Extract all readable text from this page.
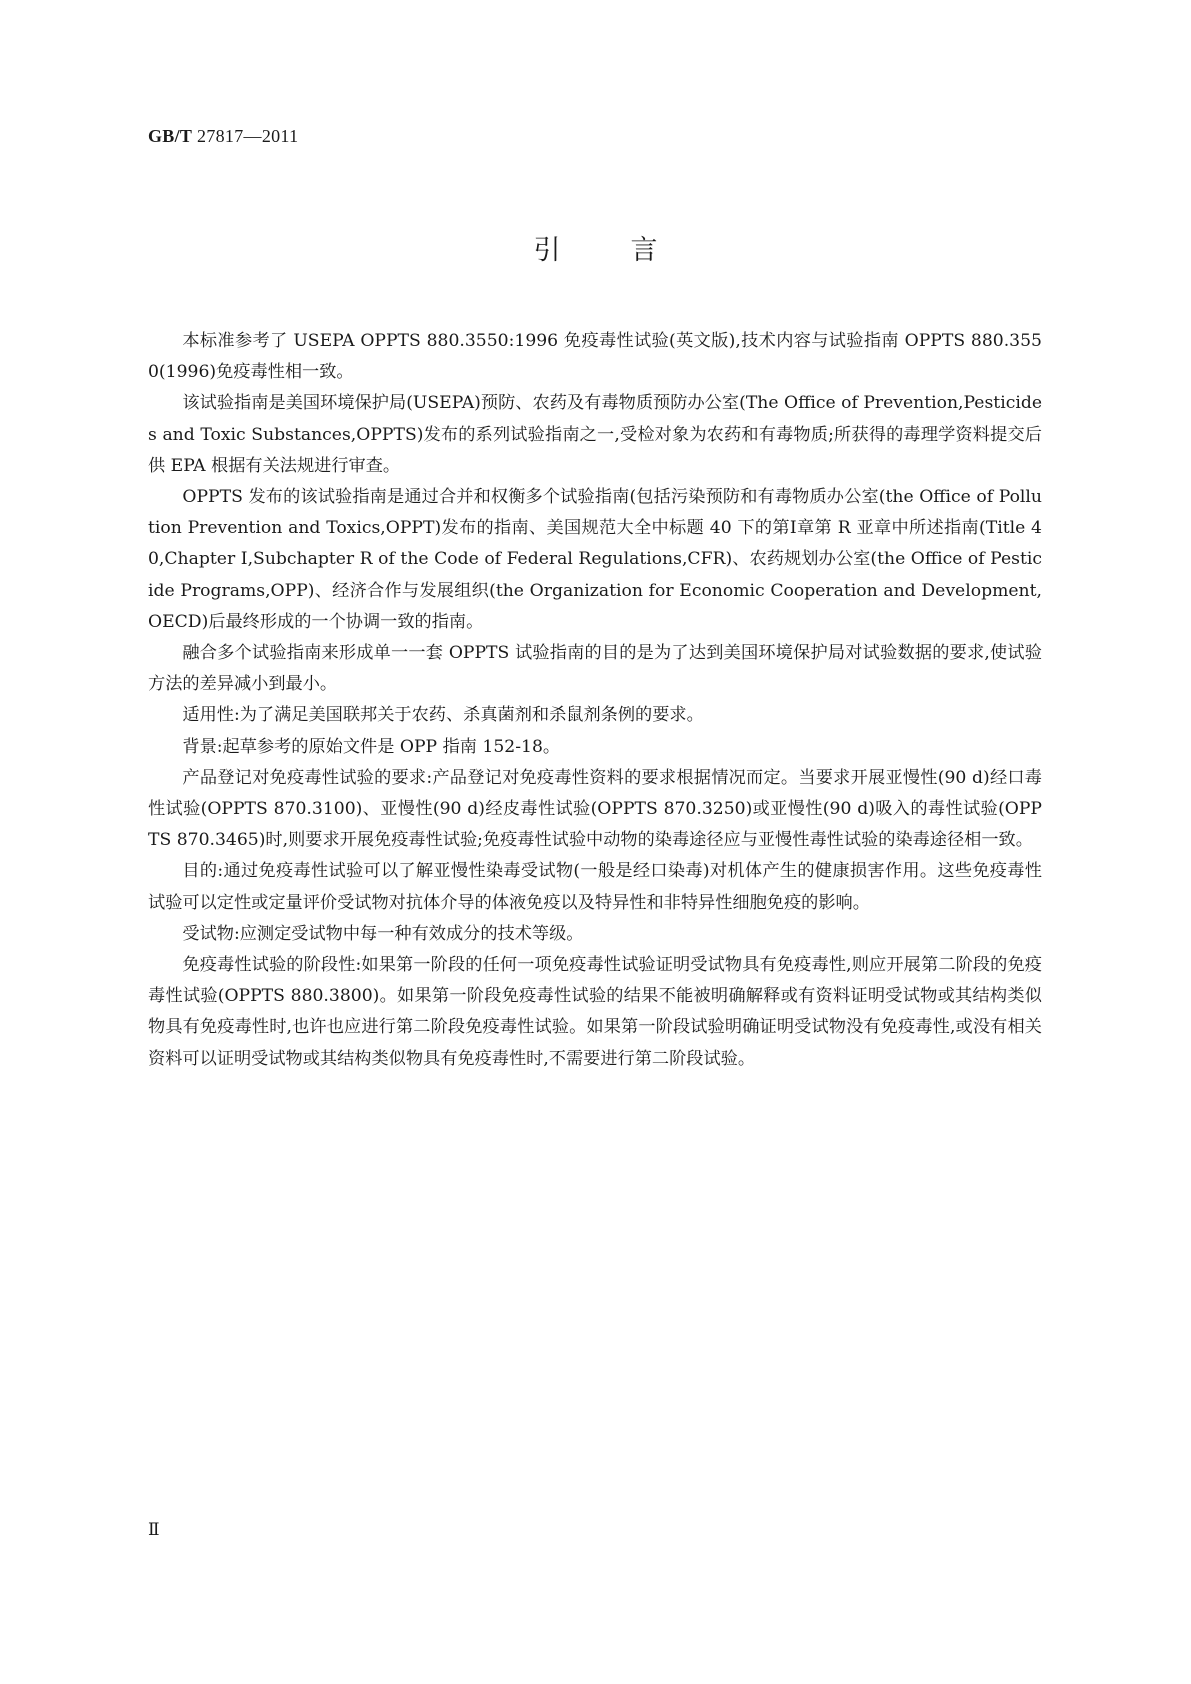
GB/T 27817—2011
引	言

本标准参考了 USEPA OPPTS 880.3550:1996 免疫毒性试验(英文版),技术内容与试验指南 OPPTS 880.3550(1996)免疫毒性相一致。

该试验指南是美国环境保护局(USEPA)预防、农药及有毒物质预防办公室(The Office of Prevention,Pesticides and Toxic Substances,OPPTS)发布的系列试验指南之一,受检对象为农药和有毒物质;所获得的毒理学资料提交后供 EPA 根据有关法规进行审查。

OPPTS 发布的该试验指南是通过合并和权衡多个试验指南(包括污染预防和有毒物质办公室(the Office of Pollution Prevention and Toxics,OPPT)发布的指南、美国规范大全中标题 40 下的第Ⅰ章第 R 亚章中所述指南(Title 40,Chapter Ⅰ,Subchapter R of the Code of Federal Regulations,CFR)、农药规划办公室(the Office of Pesticide Programs,OPP)、经济合作与发展组织(the Organization for Economic Cooperation and Development,OECD)后最终形成的一个协调一致的指南。

融合多个试验指南来形成单一一套 OPPTS 试验指南的目的是为了达到美国环境保护局对试验数据的要求,使试验方法的差异减小到最小。

适用性:为了满足美国联邦关于农药、杀真菌剂和杀鼠剂条例的要求。

背景:起草参考的原始文件是 OPP 指南 152-18。

产品登记对免疫毒性试验的要求:产品登记对免疫毒性资料的要求根据情况而定。当要求开展亚慢性(90 d)经口毒性试验(OPPTS 870.3100)、亚慢性(90 d)经皮毒性试验(OPPTS 870.3250)或亚慢性(90 d)吸入的毒性试验(OPPTS 870.3465)时,则要求开展免疫毒性试验;免疫毒性试验中动物的染毒途径应与亚慢性毒性试验的染毒途径相一致。

目的:通过免疫毒性试验可以了解亚慢性染毒受试物(一般是经口染毒)对机体产生的健康损害作用。这些免疫毒性试验可以定性或定量评价受试物对抗体介导的体液免疫以及特异性和非特异性细胞免疫的影响。

受试物:应测定受试物中每一种有效成分的技术等级。

免疫毒性试验的阶段性:如果第一阶段的任何一项免疫毒性试验证明受试物具有免疫毒性,则应开展第二阶段的免疫毒性试验(OPPTS 880.3800)。如果第一阶段免疫毒性试验的结果不能被明确解释或有资料证明受试物或其结构类似物具有免疫毒性时,也许也应进行第二阶段免疫毒性试验。如果第一阶段试验明确证明受试物没有免疫毒性,或没有相关资料可以证明受试物或其结构类似物具有免疫毒性时,不需要进行第二阶段试验。

Ⅱ
